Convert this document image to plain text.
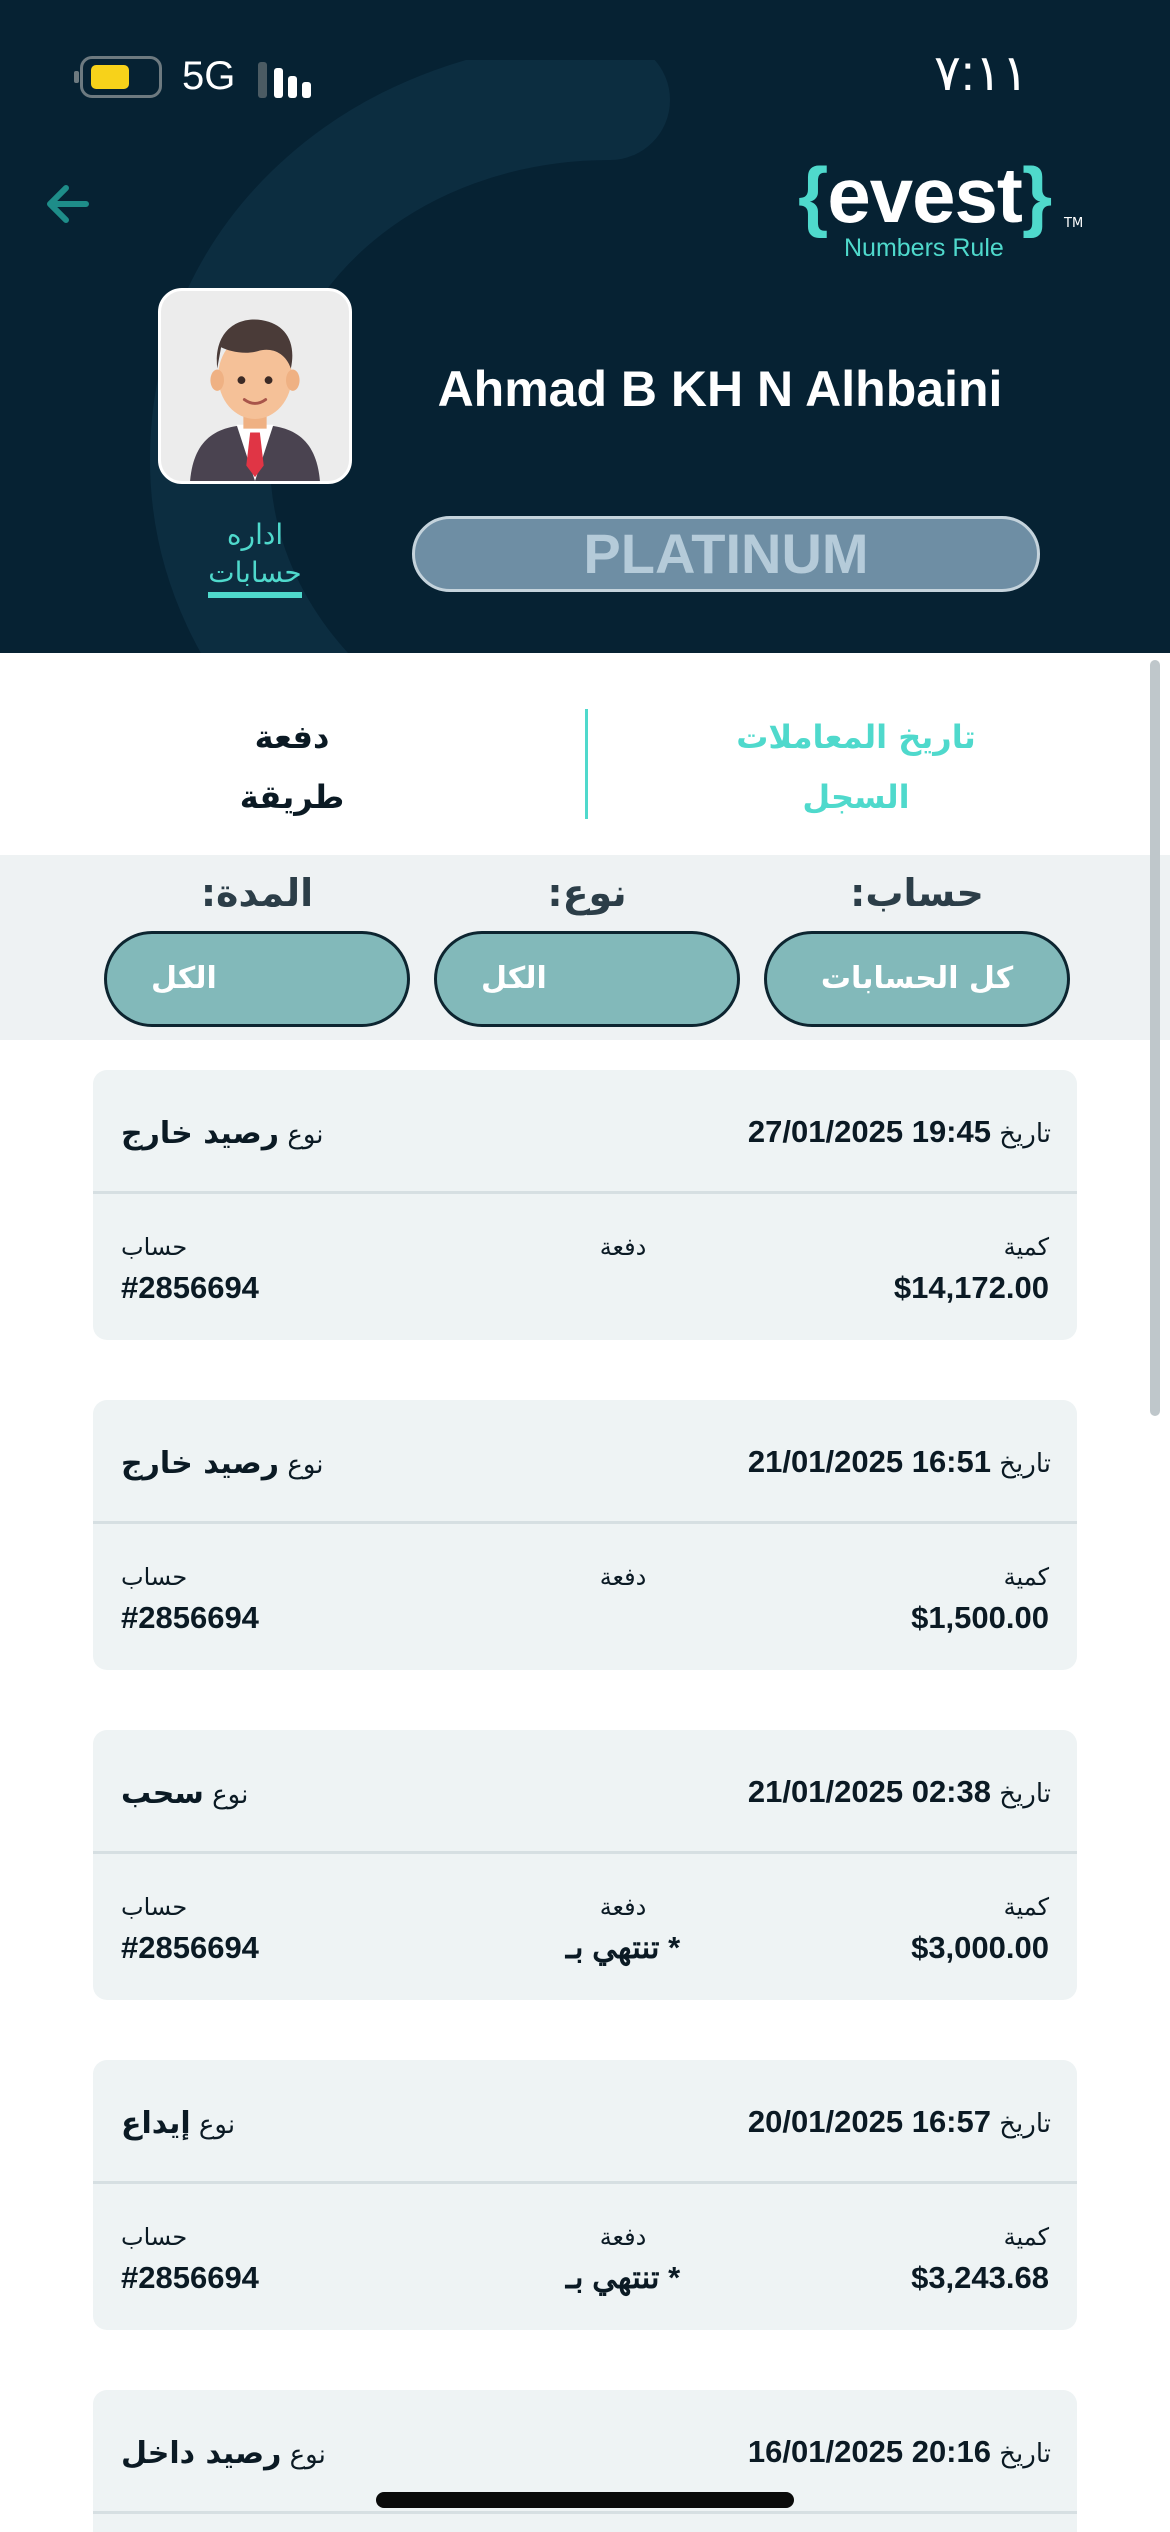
5G	٧:١١
{evest} TM
Numbers Rule
Ahmad B KH N Alhbaini
اداره
حسابات	PLATINUM
دفعة
طريقة
تاريخ المعاملات
السجل
:المدة	:نوع	:حساب
الكل	الكل	كل الحسابات
تاريخ 19:45 27/01/2025
نوع رصيد خارج
كمية
$14,172.00
دفعة
حساب
#2856694
تاريخ 16:51 21/01/2025
نوع رصيد خارج
كمية
$1,500.00
دفعة
حساب
#2856694
تاريخ 02:38 21/01/2025
نوع سحب
كمية
$3,000.00
دفعة
* تنتهي بـ
حساب
#2856694
تاريخ 16:57 20/01/2025
نوع إيداع
كمية
$3,243.68
دفعة
* تنتهي بـ
حساب
#2856694
تاريخ 20:16 16/01/2025
نوع رصيد داخل
